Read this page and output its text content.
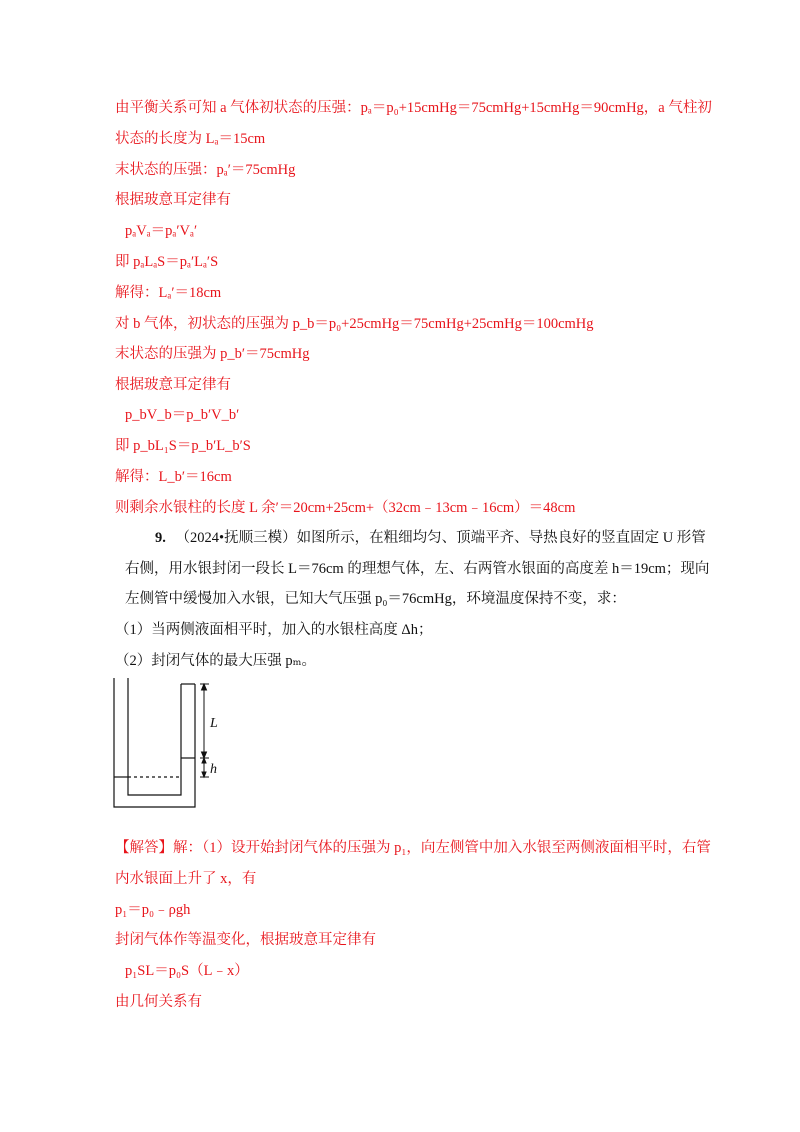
由平衡关系可知 a 气体初状态的压强：pₐ＝p₀+15cmHg＝75cmHg+15cmHg＝90cmHg，a 气柱初
状态的长度为 Lₐ＝15cm
末状态的压强：pₐ′＝75cmHg
根据玻意耳定律有
pₐVₐ＝pₐ′Vₐ′
即 pₐLₐS＝pₐ′Lₐ′S
解得：Lₐ′＝18cm
对 b 气体，初状态的压强为 p_b＝p₀+25cmHg＝75cmHg+25cmHg＝100cmHg
末状态的压强为 p_b′＝75cmHg
根据玻意耳定律有
p_bV_b＝p_b′V_b′
即 p_bL₁S＝p_b′L_b′S
解得：L_b′＝16cm
则剩余水银柱的长度 L 余′＝20cm+25cm+（32cm﹣13cm﹣16cm）＝48cm
9. （2024•抚顺三模）如图所示，在粗细均匀、顶端平齐、导热良好的竖直固定 U 形管
右侧，用水银封闭一段长 L＝76cm 的理想气体，左、右两管水银面的高度差 h＝19cm；现向
左侧管中缓慢加入水银，已知大气压强 p₀＝76cmHg，环境温度保持不变，求：
（1）当两侧液面相平时，加入的水银柱高度 Δh；
（2）封闭气体的最大压强 pₘ。
L
h
【解答】解：（1）设开始封闭气体的压强为 p₁，向左侧管中加入水银至两侧液面相平时，右管
内水银面上升了 x，有
p₁＝p₀﹣ρgh
封闭气体作等温变化，根据玻意耳定律有
p₁SL＝p₀S（L﹣x）
由几何关系有
